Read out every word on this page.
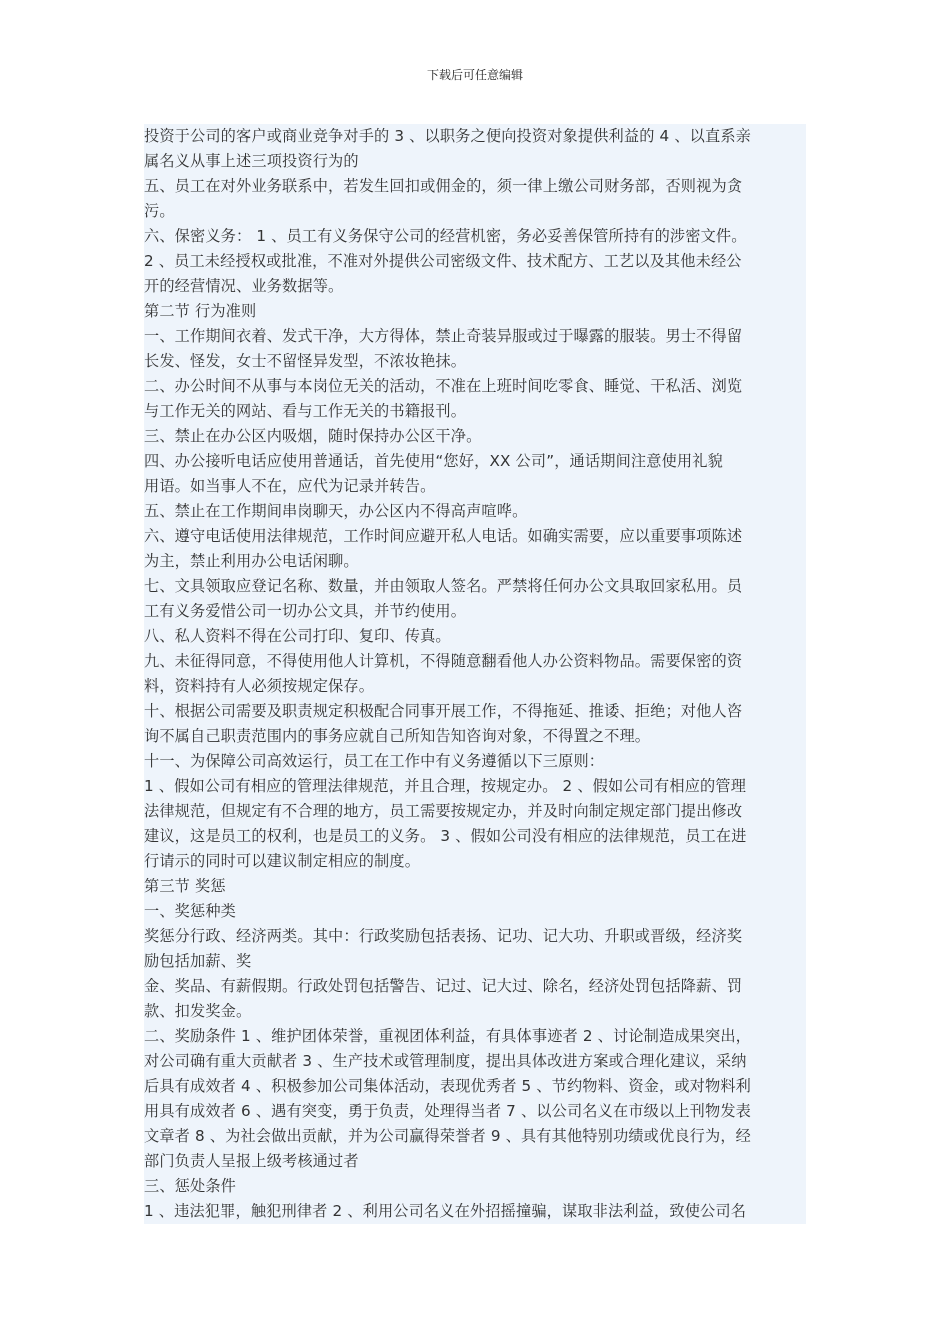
下载后可任意编辑
投资于公司的客户或商业竞争对手的 3 、以职务之便向投资对象提供利益的 4 、以直系亲
属名义从事上述三项投资行为的
五、员工在对外业务联系中，若发生回扣或佣金的，须一律上缴公司财务部，否则视为贪
污。
六、保密义务： 1 、员工有义务保守公司的经营机密，务必妥善保管所持有的涉密文件。
2 、员工未经授权或批准，不准对外提供公司密级文件、技术配方、工艺以及其他未经公
开的经营情况、业务数据等。
第二节 行为准则
一、工作期间衣着、发式干净，大方得体，禁止奇装异服或过于曝露的服装。男士不得留
长发、怪发，女士不留怪异发型，不浓妆艳抹。
二、办公时间不从事与本岗位无关的活动，不准在上班时间吃零食、睡觉、干私活、浏览
与工作无关的网站、看与工作无关的书籍报刊。
三、禁止在办公区内吸烟，随时保持办公区干净。
四、办公接听电话应使用普通话，首先使用“您好，XX 公司”，通话期间注意使用礼貌
用语。如当事人不在，应代为记录并转告。
五、禁止在工作期间串岗聊天，办公区内不得高声喧哗。
六、遵守电话使用法律规范，工作时间应避开私人电话。如确实需要，应以重要事项陈述
为主，禁止利用办公电话闲聊。
七、文具领取应登记名称、数量，并由领取人签名。严禁将任何办公文具取回家私用。员
工有义务爱惜公司一切办公文具，并节约使用。
八、私人资料不得在公司打印、复印、传真。
九、未征得同意，不得使用他人计算机，不得随意翻看他人办公资料物品。需要保密的资
料，资料持有人必须按规定保存。
十、根据公司需要及职责规定积极配合同事开展工作，不得拖延、推诿、拒绝；对他人咨
询不属自己职责范围内的事务应就自己所知告知咨询对象，不得置之不理。
十一、为保障公司高效运行，员工在工作中有义务遵循以下三原则：
1 、假如公司有相应的管理法律规范，并且合理，按规定办。 2 、假如公司有相应的管理
法律规范，但规定有不合理的地方，员工需要按规定办，并及时向制定规定部门提出修改
建议，这是员工的权利，也是员工的义务。 3 、假如公司没有相应的法律规范，员工在进
行请示的同时可以建议制定相应的制度。
第三节 奖惩
一、奖惩种类
奖惩分行政、经济两类。其中：行政奖励包括表扬、记功、记大功、升职或晋级，经济奖
励包括加薪、奖
金、奖品、有薪假期。行政处罚包括警告、记过、记大过、除名，经济处罚包括降薪、罚
款、扣发奖金。
二、奖励条件 1 、维护团体荣誉，重视团体利益，有具体事迹者 2 、讨论制造成果突出，
对公司确有重大贡献者 3 、生产技术或管理制度，提出具体改进方案或合理化建议，采纳
后具有成效者 4 、积极参加公司集体活动，表现优秀者 5 、节约物料、资金，或对物料利
用具有成效者 6 、遇有突变，勇于负责，处理得当者 7 、以公司名义在市级以上刊物发表
文章者 8 、为社会做出贡献，并为公司赢得荣誉者 9 、具有其他特别功绩或优良行为，经
部门负责人呈报上级考核通过者
三、惩处条件
1 、违法犯罪，触犯刑律者 2 、利用公司名义在外招摇撞骗，谋取非法利益，致使公司名
